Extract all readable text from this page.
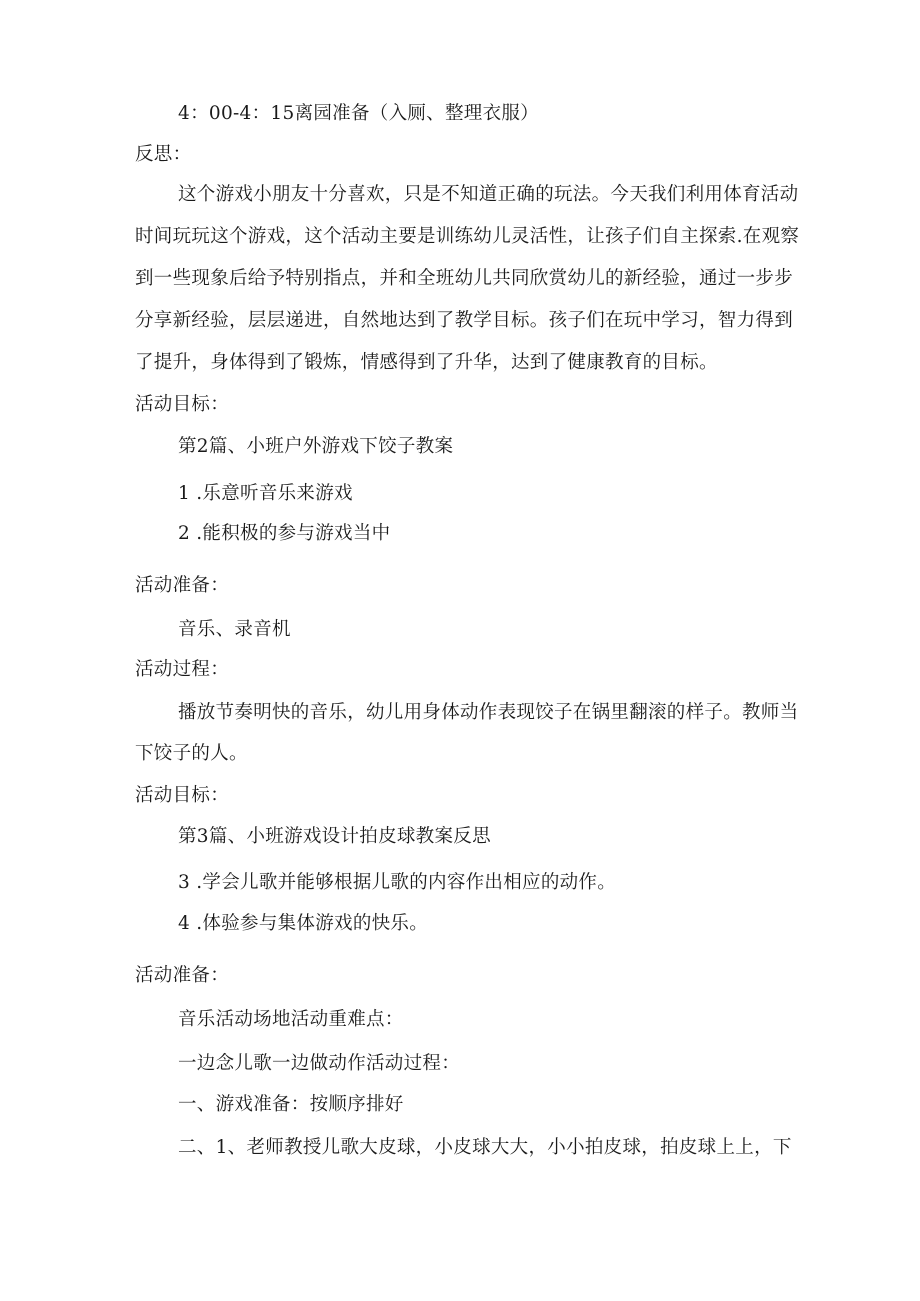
4：00-4：15离园准备（入厕、整理衣服）
反思：
这个游戏小朋友十分喜欢，只是不知道正确的玩法。今天我们利用体育活动
时间玩玩这个游戏，这个活动主要是训练幼儿灵活性，让孩子们自主探索.在观察
到一些现象后给予特别指点，并和全班幼儿共同欣赏幼儿的新经验，通过一步步
分享新经验，层层递进，自然地达到了教学目标。孩子们在玩中学习，智力得到
了提升，身体得到了锻炼，情感得到了升华，达到了健康教育的目标。
活动目标：
第2篇、小班户外游戏下饺子教案
1 .乐意听音乐来游戏
2 .能积极的参与游戏当中
活动准备：
音乐、录音机
活动过程：
播放节奏明快的音乐，幼儿用身体动作表现饺子在锅里翻滚的样子。教师当
下饺子的人。
活动目标：
第3篇、小班游戏设计拍皮球教案反思
3 .学会儿歌并能够根据儿歌的内容作出相应的动作。
4 .体验参与集体游戏的快乐。
活动准备：
音乐活动场地活动重难点：
一边念儿歌一边做动作活动过程：
一、游戏准备：按顺序排好
二、1、老师教授儿歌大皮球，小皮球大大，小小拍皮球，拍皮球上上，下
